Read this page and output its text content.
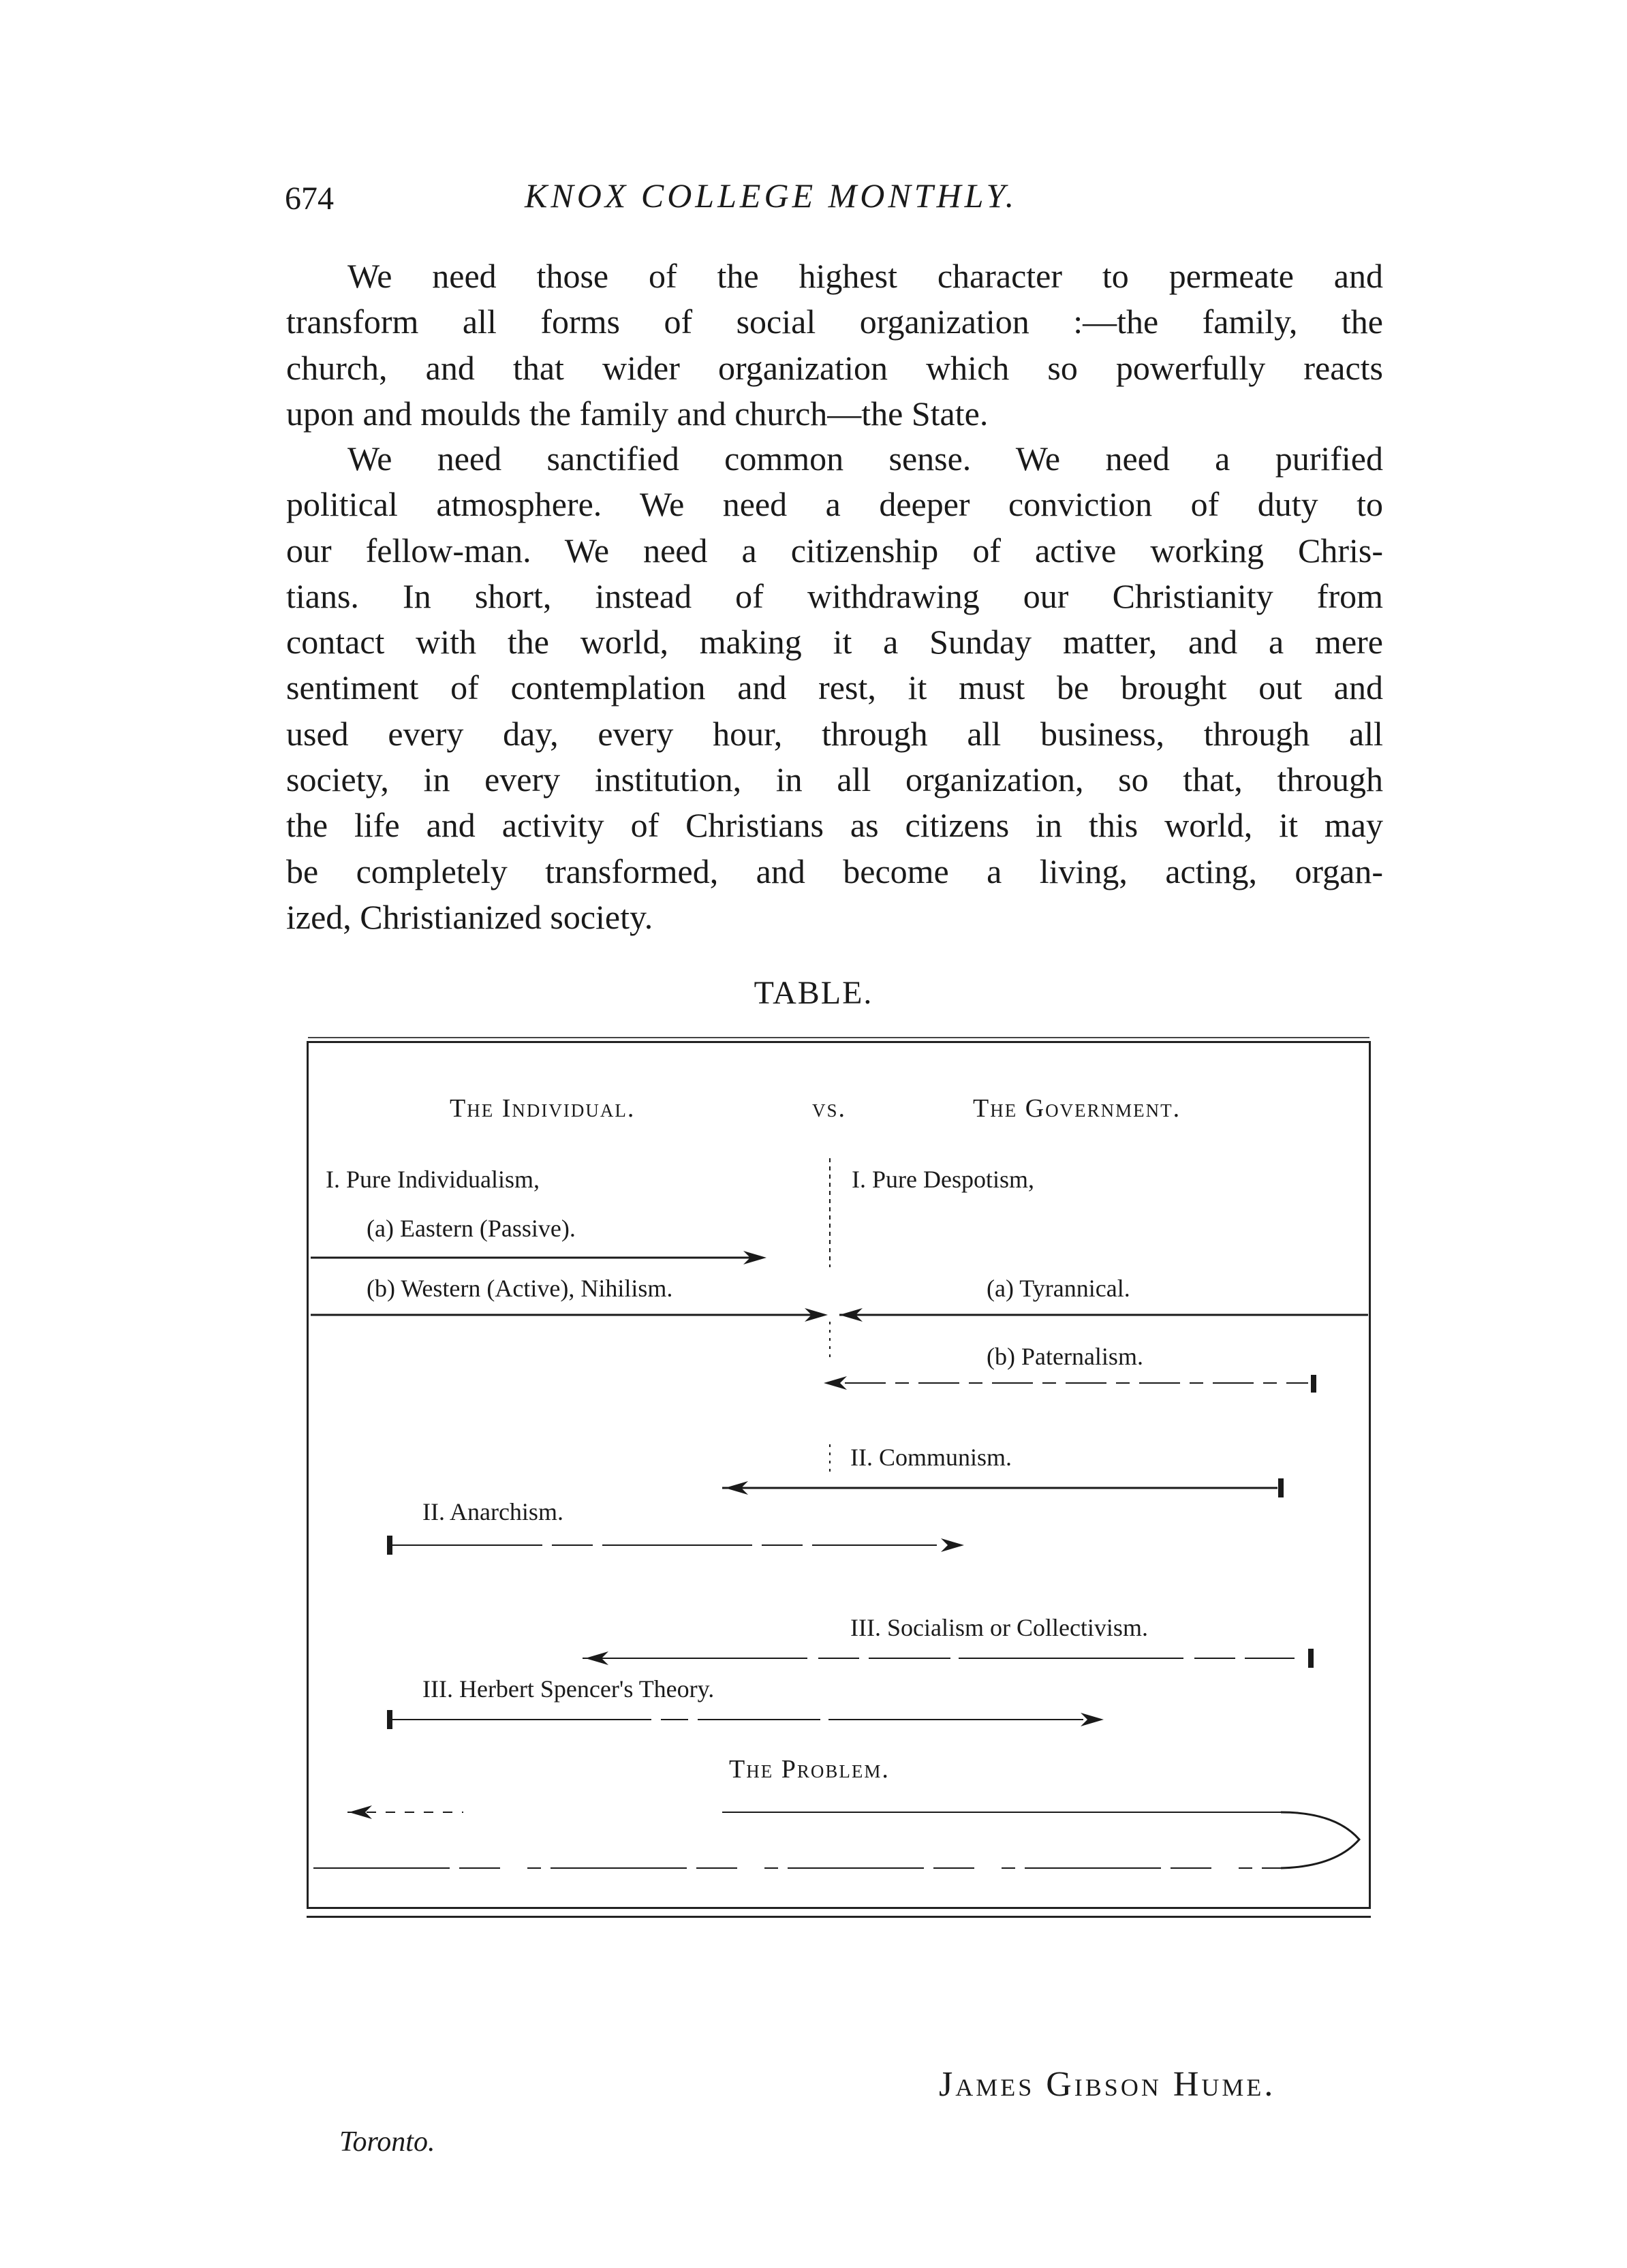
674	KNOX COLLEGE MONTHLY.
We need those of the highest character to permeate and
transform all forms of social organization :—the family, the
church, and that wider organization which so powerfully reacts
upon and moulds the family and church—the State.
We need sanctified common sense. We need a purified
political atmosphere. We need a deeper conviction of duty to
our fellow-man. We need a citizenship of active working Chris-
tians. In short, instead of withdrawing our Christianity from
contact with the world, making it a Sunday matter, and a mere
sentiment of contemplation and rest, it must be brought out and
used every day, every hour, through all business, through all
society, in every institution, in all organization, so that, through
the life and activity of Christians as citizens in this world, it may
be completely transformed, and become a living, acting, organ-
ized, Christianized society.
TABLE.
The Individual.	vs.	The Government.
I. Pure Individualism,
(a) Eastern (Passive).
(b) Western (Active), Nihilism.
I. Pure Despotism,
(a) Tyrannical.
(b) Paternalism.
II. Communism.
II. Anarchism.
III. Socialism or Collectivism.
III. Herbert Spencer's Theory.
The Problem.
James Gibson Hume.
Toronto.
